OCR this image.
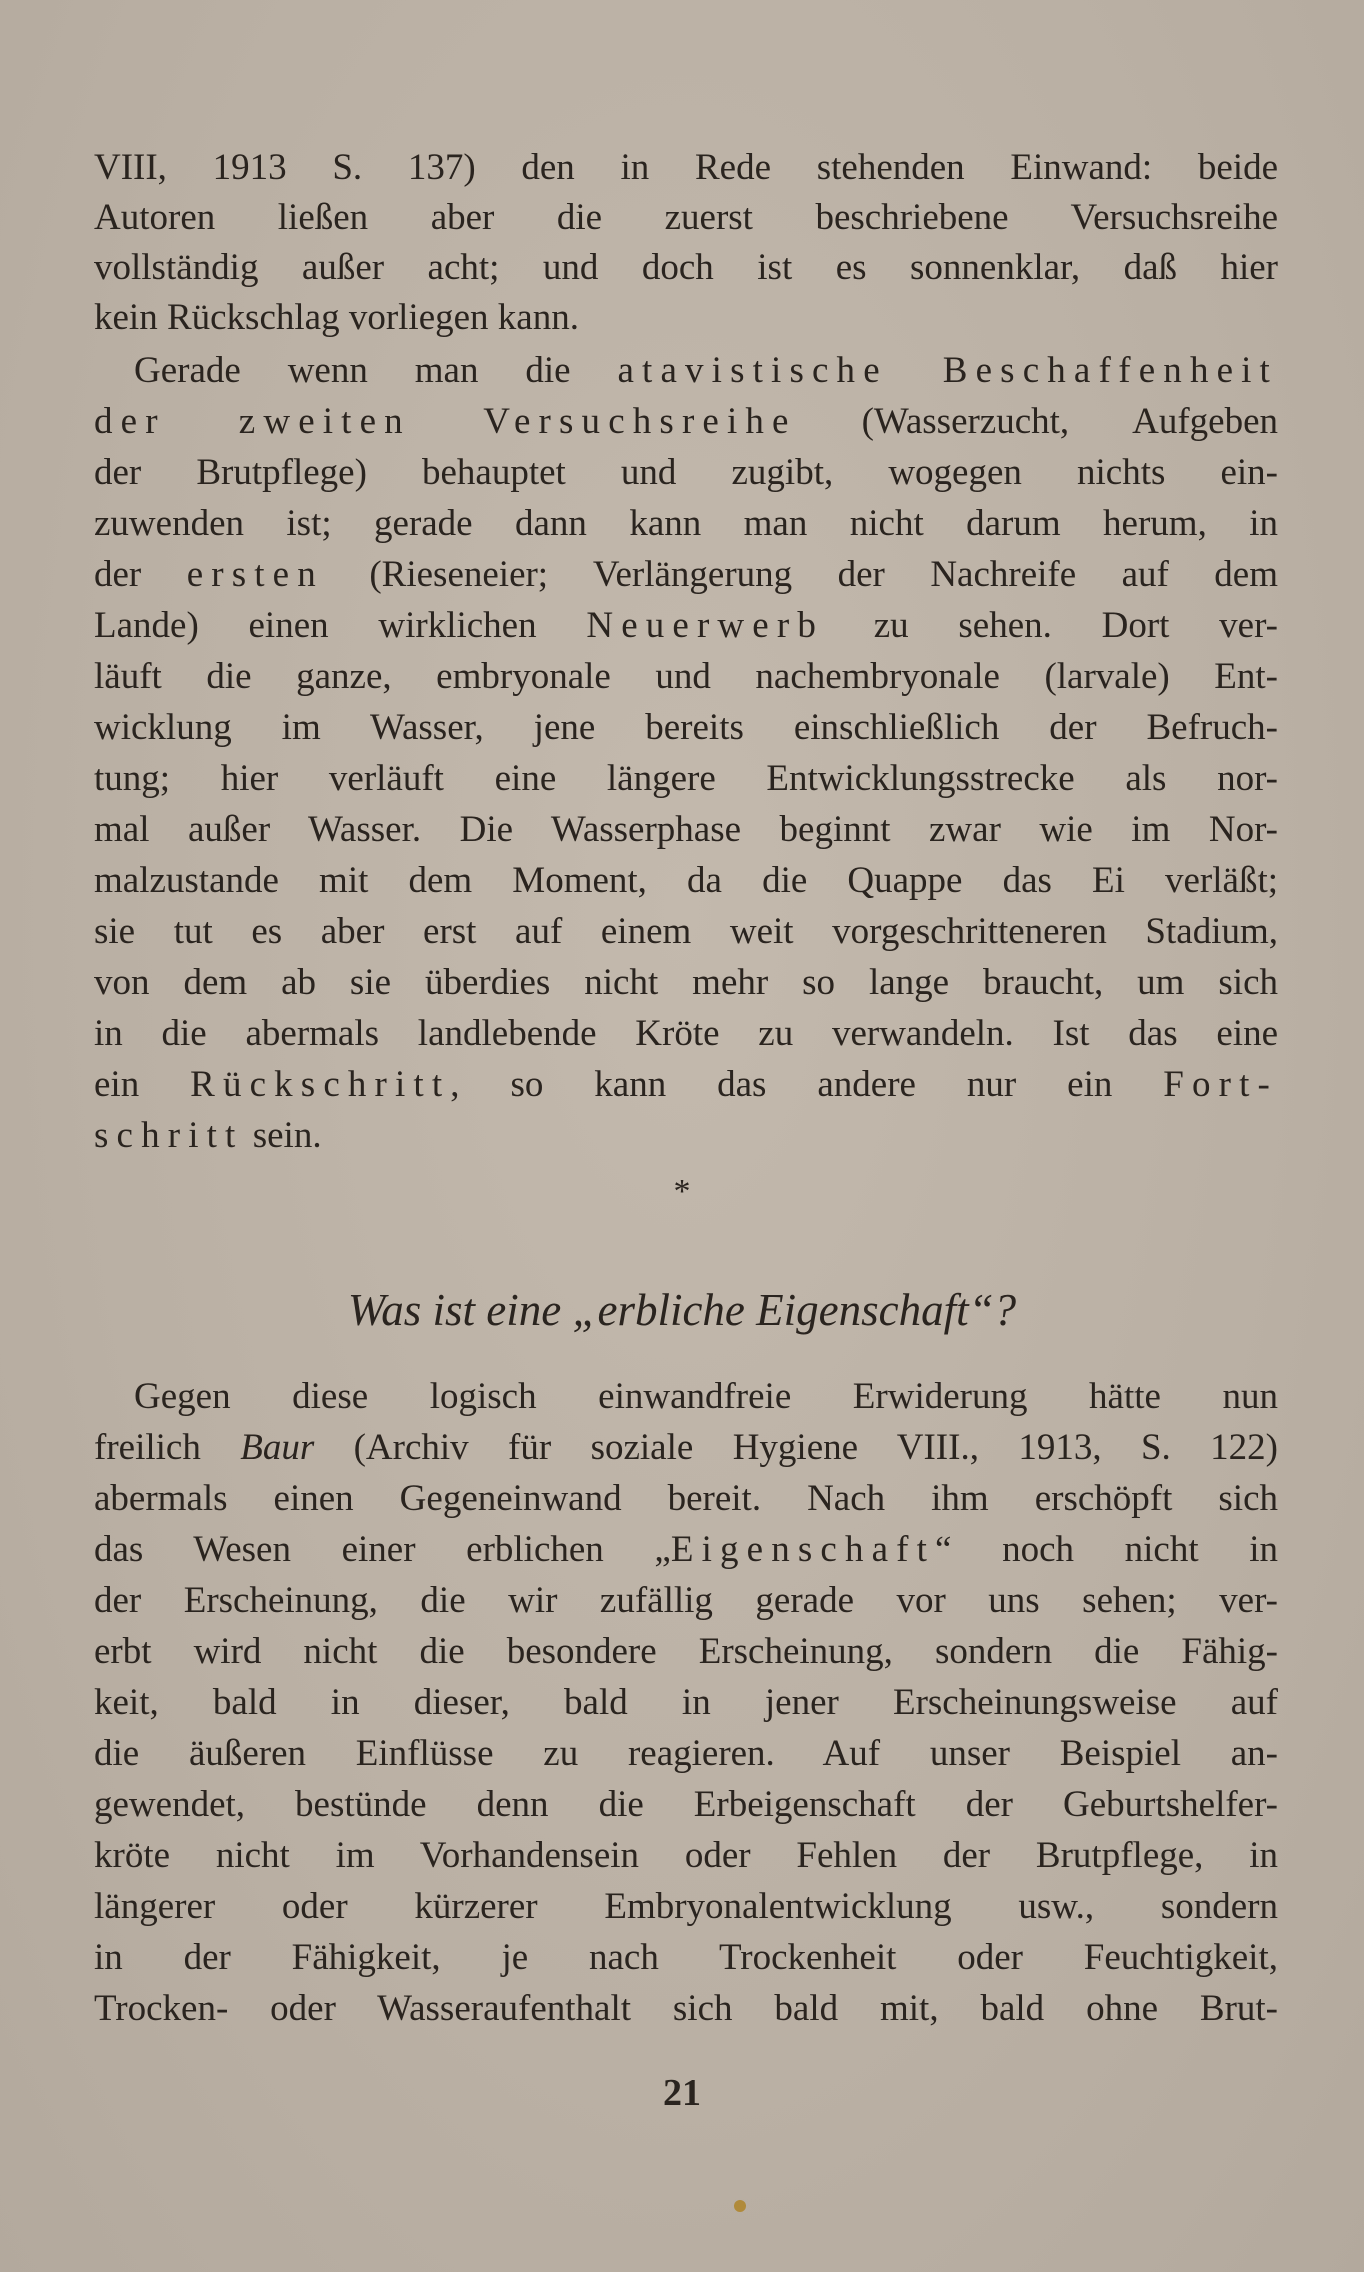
VIII, 1913 S. 137) den in Rede stehenden Einwand: beide
Autoren ließen aber die zuerst beschriebene Versuchsreihe
vollständig außer acht; und doch ist es sonnenklar, daß hier
kein Rückschlag vorliegen kann.
Gerade wenn man die atavistische Beschaffenheit
der zweiten Versuchsreihe (Wasserzucht, Aufgeben
der Brutpflege) behauptet und zugibt, wogegen nichts ein-
zuwenden ist; gerade dann kann man nicht darum herum, in
der ersten (Rieseneier; Verlängerung der Nachreife auf dem
Lande) einen wirklichen Neuerwerb zu sehen. Dort ver-
läuft die ganze, embryonale und nachembryonale (larvale) Ent-
wicklung im Wasser, jene bereits einschließlich der Befruch-
tung; hier verläuft eine längere Entwicklungsstrecke als nor-
mal außer Wasser. Die Wasserphase beginnt zwar wie im Nor-
malzustande mit dem Moment, da die Quappe das Ei verläßt;
sie tut es aber erst auf einem weit vorgeschritteneren Stadium,
von dem ab sie überdies nicht mehr so lange braucht, um sich
in die abermals landlebende Kröte zu verwandeln. Ist das eine
ein Rückschritt, so kann das andere nur ein Fort-
schritt sein.
*
Was ist eine „erbliche Eigenschaft“?
Gegen diese logisch einwandfreie Erwiderung hätte nun
freilich Baur (Archiv für soziale Hygiene VIII., 1913, S. 122)
abermals einen Gegeneinwand bereit. Nach ihm erschöpft sich
das Wesen einer erblichen „Eigenschaft“ noch nicht in
der Erscheinung, die wir zufällig gerade vor uns sehen; ver-
erbt wird nicht die besondere Erscheinung, sondern die Fähig-
keit, bald in dieser, bald in jener Erscheinungsweise auf
die äußeren Einflüsse zu reagieren. Auf unser Beispiel an-
gewendet, bestünde denn die Erbeigenschaft der Geburtshelfer-
kröte nicht im Vorhandensein oder Fehlen der Brutpflege, in
längerer oder kürzerer Embryonalentwicklung usw., sondern
in der Fähigkeit, je nach Trockenheit oder Feuchtigkeit,
Trocken- oder Wasseraufenthalt sich bald mit, bald ohne Brut-
21
